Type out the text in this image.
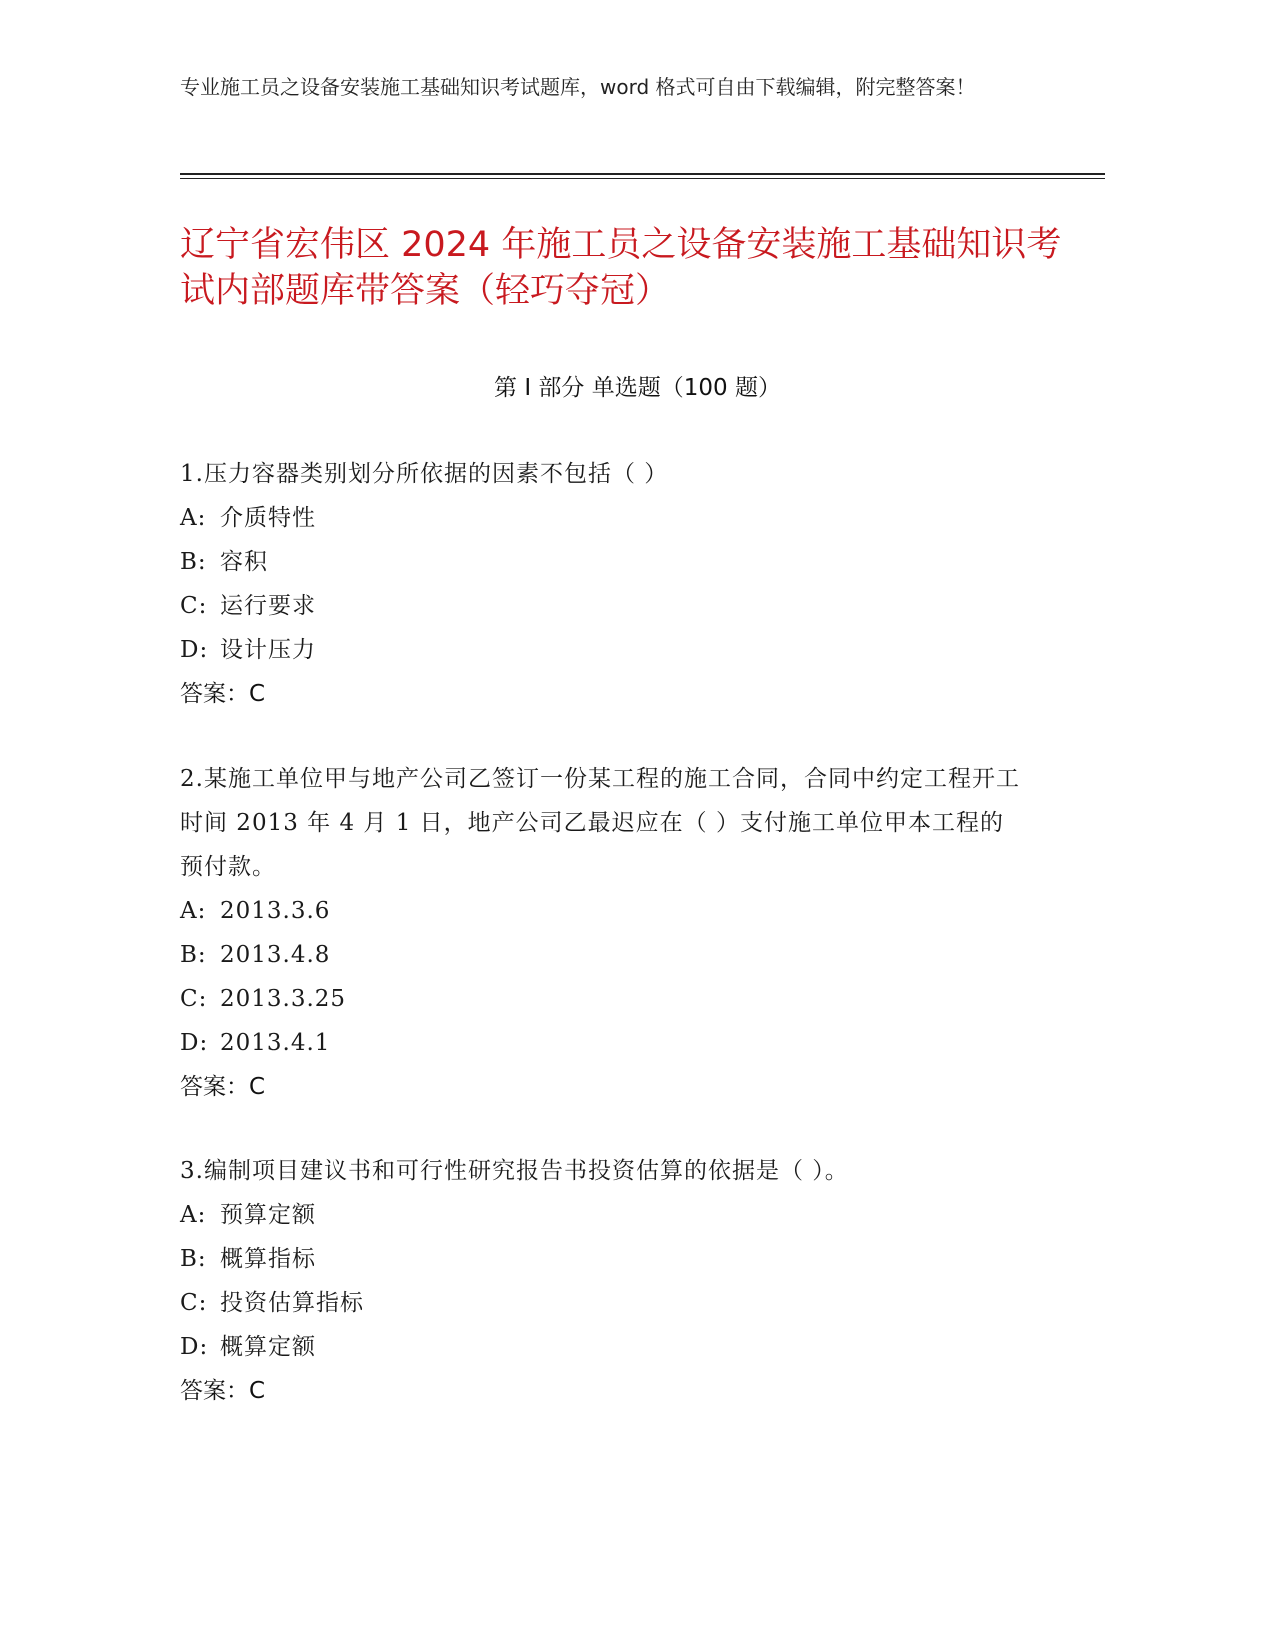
专业施工员之设备安装施工基础知识考试题库，word 格式可自由下载编辑，附完整答案！
辽宁省宏伟区 2024 年施工员之设备安装施工基础知识考试内部题库带答案（轻巧夺冠）
第 I 部分 单选题（100 题）
1.压力容器类别划分所依据的因素不包括（ ）
A: 介质特性
B: 容积
C: 运行要求
D: 设计压力
答案：C
2.某施工单位甲与地产公司乙签订一份某工程的施工合同，合同中约定工程开工时间 2013 年 4 月 1 日，地产公司乙最迟应在（ ）支付施工单位甲本工程的预付款。
A: 2013.3.6
B: 2013.4.8
C: 2013.3.25
D: 2013.4.1
答案：C
3.编制项目建议书和可行性研究报告书投资估算的依据是（ ）。
A: 预算定额
B: 概算指标
C: 投资估算指标
D: 概算定额
答案：C
